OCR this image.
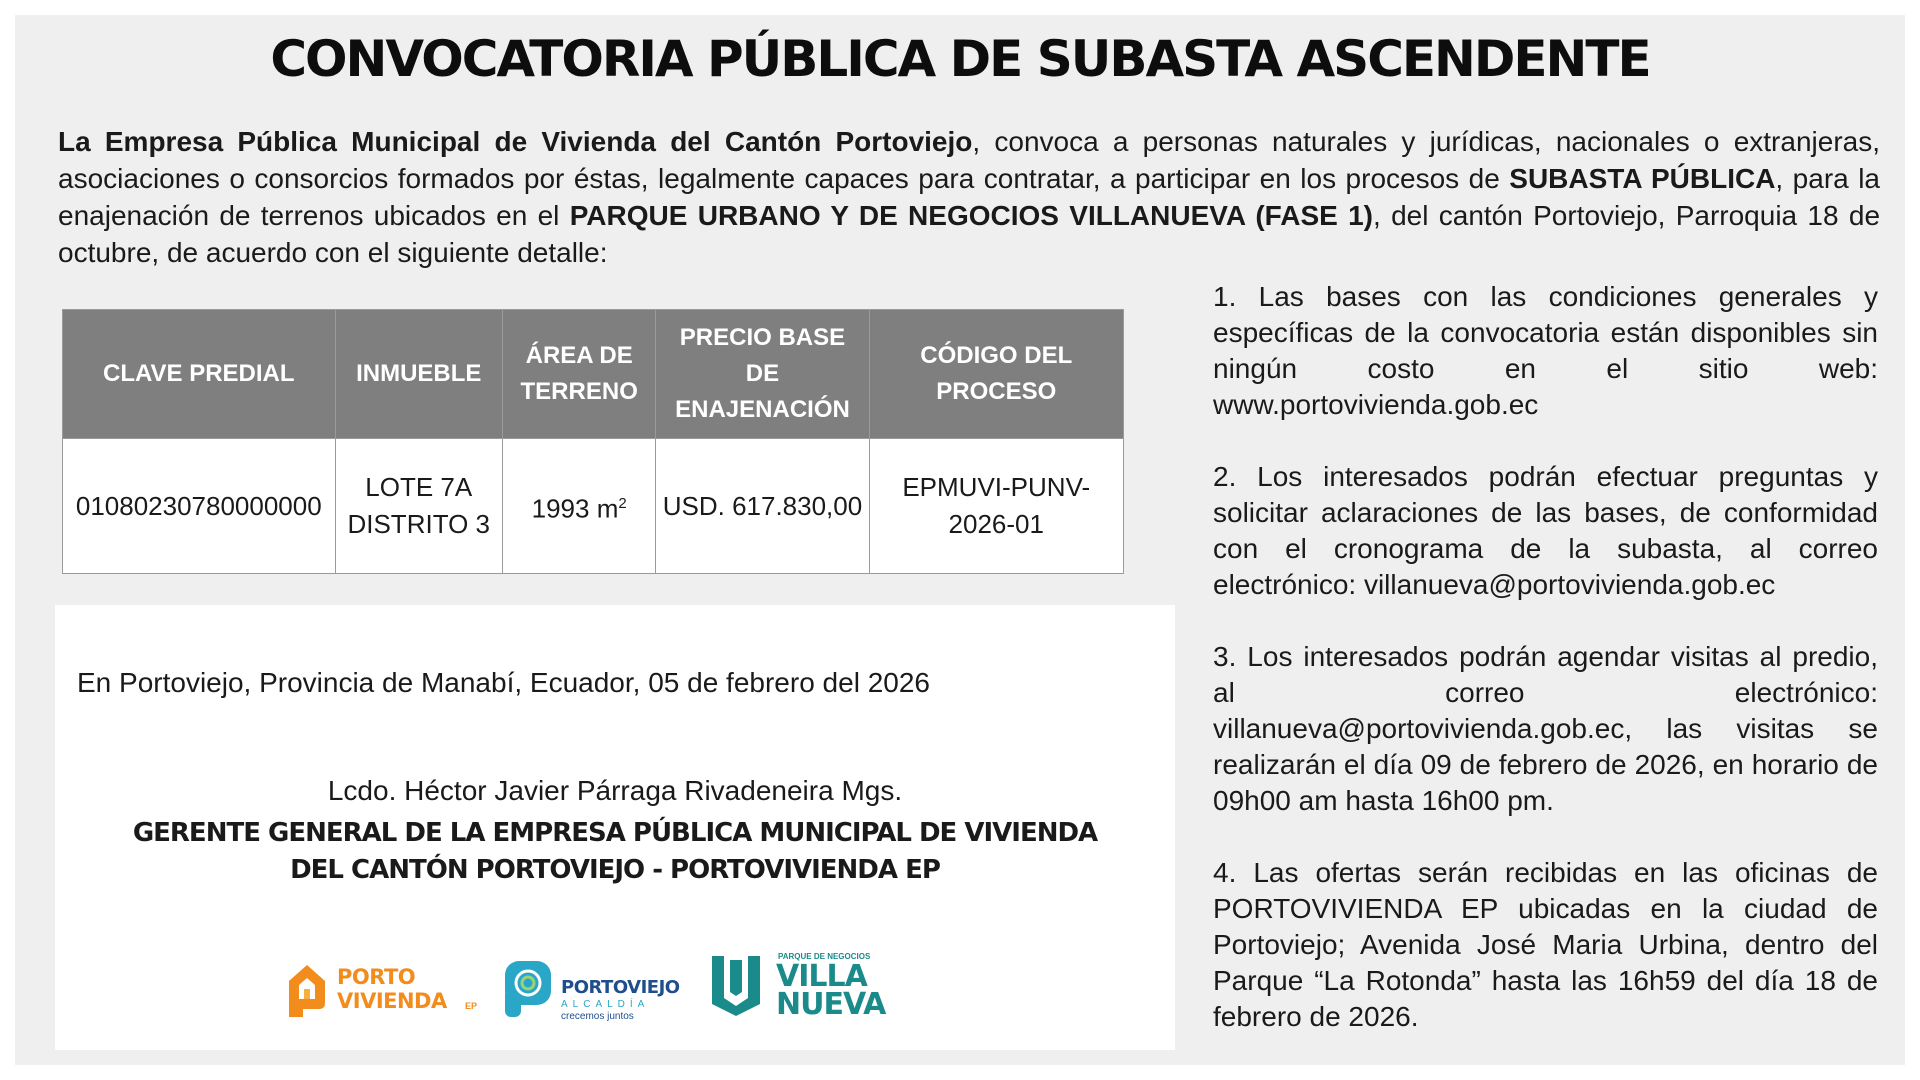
CONVOCATORIA PÚBLICA DE SUBASTA ASCENDENTE
La Empresa Pública Municipal de Vivienda del Cantón Portoviejo, convoca a personas naturales y jurídicas, nacionales o extranjeras, asociaciones o consorcios formados por éstas, legalmente capaces para contratar, a participar en los procesos de SUBASTA PÚBLICA, para la enajenación de terrenos ubicados en el PARQUE URBANO Y DE NEGOCIOS VILLANUEVA (FASE 1), del cantón Portoviejo, Parroquia 18 de octubre, de acuerdo con el siguiente detalle:
CLAVE PREDIAL	INMUEBLE	ÁREA DE TERRENO	PRECIO BASE DE ENAJENACIÓN	CÓDIGO DEL PROCESO
01080230780000000	LOTE 7A DISTRITO 3	1993 $m^2$	USD. 617.830,00	EPMUVI-PUNV-2026-01
En Portoviejo, Provincia de Manabí, Ecuador, 05 de febrero del 2026
Lcdo. Héctor Javier Párraga Rivadeneira Mgs.
GERENTE GENERAL DE LA EMPRESA PÚBLICA MUNICIPAL DE VIVIENDA
DEL CANTÓN PORTOVIEJO - PORTOVIVIENDA EP
PORTO
VIVIENDA EP
PORTOVIEJO
ALCALDÍA
crecemos juntos
PARQUE DE NEGOCIOS
VILLA
NUEVA

1. Las bases con las condiciones generales y específicas de la convocatoria están disponibles sin ningún costo en el sitio web: www.portovivienda.gob.ec

2. Los interesados podrán efectuar preguntas y solicitar aclaraciones de las bases, de conformidad con el cronograma de la subasta, al correo electrónico: villanueva@portovivienda.gob.ec

3. Los interesados podrán agendar visitas al predio, al correo electrónico: villanueva@portovivienda.gob.ec, las visitas se realizarán el día 09 de febrero de 2026, en horario de 09h00 am hasta 16h00 pm.

4. Las ofertas serán recibidas en las oficinas de PORTOVIVIENDA EP ubicadas en la ciudad de Portoviejo; Avenida José Maria Urbina, dentro del Parque “La Rotonda” hasta las 16h59 del día 18 de febrero de 2026.
